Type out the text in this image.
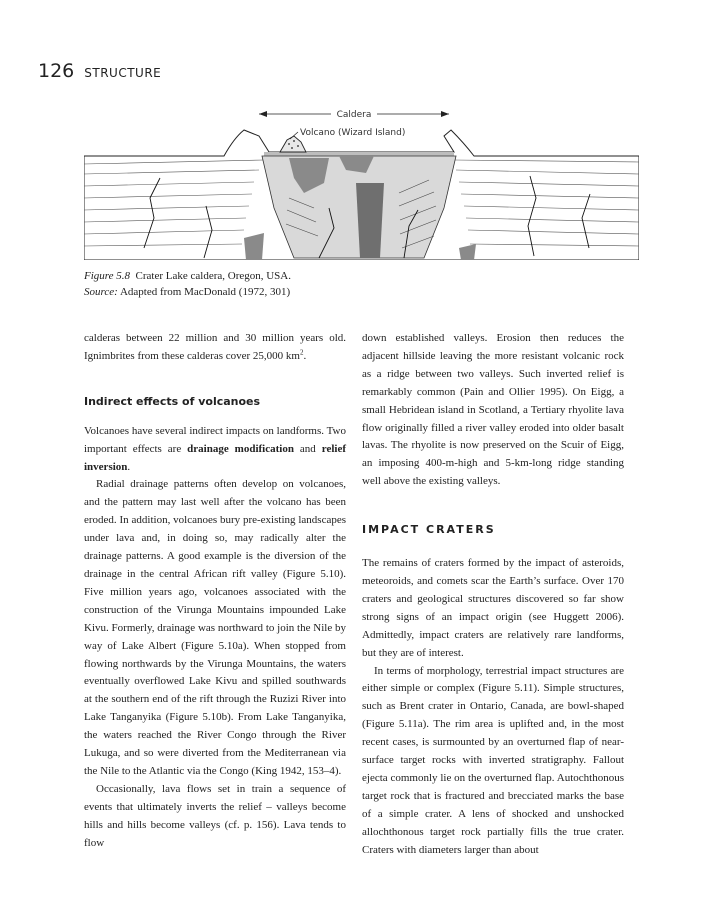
126 STRUCTURE
Caldera
Volcano (Wizard Island)
Figure 5.8 Crater Lake caldera, Oregon, USA.
Source: Adapted from MacDonald (1972, 301)

calderas between 22 million and 30 million years old. Ignimbrites from these calderas cover 25,000 $km^2$.

Indirect effects of volcanoes

Volcanoes have several indirect impacts on landforms. Two important effects are drainage modification and relief inversion.

Radial drainage patterns often develop on volcanoes, and the pattern may last well after the volcano has been eroded. In addition, volcanoes bury pre-existing landscapes under lava and, in doing so, may radically alter the drainage patterns. A good example is the diversion of the drainage in the central African rift valley (Figure 5.10). Five million years ago, volcanoes associated with the construction of the Virunga Mountains impounded Lake Kivu. Formerly, drainage was northward to join the Nile by way of Lake Albert (Figure 5.10a). When stopped from flowing northwards by the Virunga Mountains, the waters eventually overflowed Lake Kivu and spilled southwards at the southern end of the rift through the Ruzizi River into Lake Tanganyika (Figure 5.10b). From Lake Tanganyika, the waters reached the River Congo through the River Lukuga, and so were diverted from the Mediterranean via the Nile to the Atlantic via the Congo (King 1942, 153–4).

Occasionally, lava flows set in train a sequence of events that ultimately inverts the relief – valleys become hills and hills become valleys (cf. p. 156). Lava tends to flow

down established valleys. Erosion then reduces the adjacent hillside leaving the more resistant volcanic rock as a ridge between two valleys. Such inverted relief is remarkably common (Pain and Ollier 1995). On Eigg, a small Hebridean island in Scotland, a Tertiary rhyolite lava flow originally filled a river valley eroded into older basalt lavas. The rhyolite is now preserved on the Scuir of Eigg, an imposing 400-m-high and 5-km-long ridge standing well above the existing valleys.

IMPACT CRATERS

The remains of craters formed by the impact of asteroids, meteoroids, and comets scar the Earth’s surface. Over 170 craters and geological structures discovered so far show strong signs of an impact origin (see Huggett 2006). Admittedly, impact craters are relatively rare landforms, but they are of interest.

In terms of morphology, terrestrial impact structures are either simple or complex (Figure 5.11). Simple structures, such as Brent crater in Ontario, Canada, are bowl-shaped (Figure 5.11a). The rim area is uplifted and, in the most recent cases, is surmounted by an overturned flap of near-surface target rocks with inverted stratigraphy. Fallout ejecta commonly lie on the overturned flap. Autochthonous target rock that is fractured and brecciated marks the base of a simple crater. A lens of shocked and unshocked allochthonous target rock partially fills the true crater. Craters with diameters larger than about
